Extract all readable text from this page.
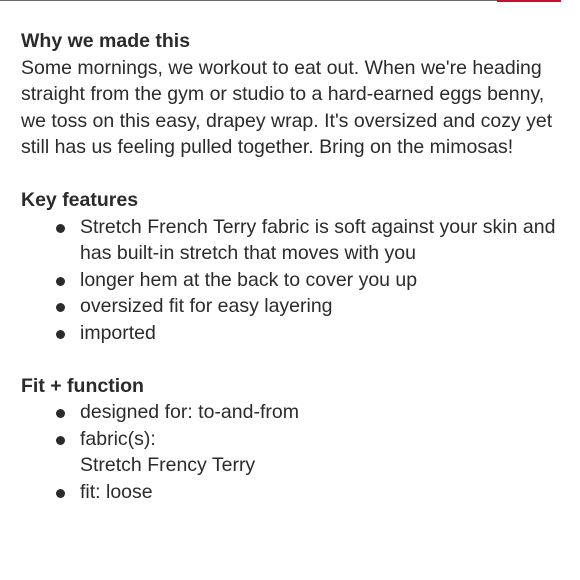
Why we made this
Some mornings, we workout to eat out. When we're heading straight from the gym or studio to a hard-earned eggs benny, we toss on this easy, drapey wrap. It's oversized and cozy yet still has us feeling pulled together. Bring on the mimosas!
Key features
Stretch French Terry fabric is soft against your skin and has built-in stretch that moves with you
longer hem at the back to cover you up
oversized fit for easy layering
imported
Fit + function
designed for: to-and-from
fabric(s):
Stretch Frency Terry
fit: loose
